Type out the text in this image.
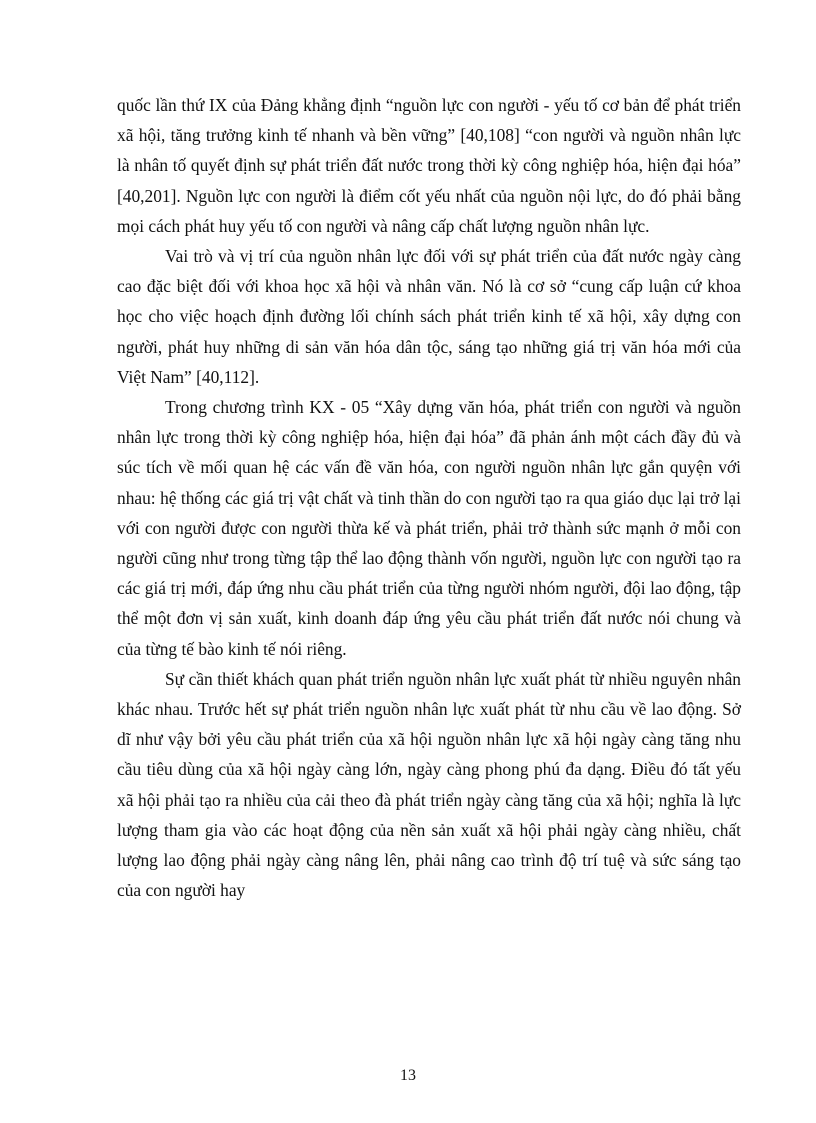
quốc lần thứ IX của Đảng khẳng định “nguồn lực con người - yếu tố cơ bản để phát triển xã hội, tăng trưởng kinh tế nhanh và bền vững” [40,108] “con người và nguồn nhân lực là nhân tố quyết định sự phát triển đất nước trong thời kỳ công nghiệp hóa, hiện đại hóa” [40,201]. Nguồn lực con người là điểm cốt yếu nhất của nguồn nội lực, do đó phải bằng mọi cách phát huy yếu tố con người và nâng cấp chất lượng nguồn nhân lực.

Vai trò và vị trí của nguồn nhân lực đối với sự phát triển của đất nước ngày càng cao đặc biệt đối với khoa học xã hội và nhân văn. Nó là cơ sở “cung cấp luận cứ khoa học cho việc hoạch định đường lối chính sách phát triển kinh tế xã hội, xây dựng con người, phát huy những di sản văn hóa dân tộc, sáng tạo những giá trị văn hóa mới của Việt Nam” [40,112].

Trong chương trình KX - 05 “Xây dựng văn hóa, phát triển con người và nguồn nhân lực trong thời kỳ công nghiệp hóa, hiện đại hóa” đã phản ánh một cách đầy đủ và súc tích về mối quan hệ các vấn đề văn hóa, con người nguồn nhân lực gắn quyện với nhau: hệ thống các giá trị vật chất và tinh thần do con người tạo ra qua giáo dục lại trở lại với con người được con người thừa kế và phát triển, phải trở thành sức mạnh ở mỗi con người cũng như trong từng tập thể lao động thành vốn người, nguồn lực con người tạo ra các giá trị mới, đáp ứng nhu cầu phát triển của từng người nhóm người, đội lao động, tập thể một đơn vị sản xuất, kinh doanh đáp ứng yêu cầu phát triển đất nước nói chung và của từng tế bào kinh tế nói riêng.

Sự cần thiết khách quan phát triển nguồn nhân lực xuất phát từ nhiều nguyên nhân khác nhau. Trước hết sự phát triển nguồn nhân lực xuất phát từ nhu cầu về lao động. Sở dĩ như vậy bởi yêu cầu phát triển của xã hội nguồn nhân lực xã hội ngày càng tăng nhu cầu tiêu dùng của xã hội ngày càng lớn, ngày càng phong phú đa dạng. Điều đó tất yếu xã hội phải tạo ra nhiều của cải theo đà phát triển ngày càng tăng của xã hội; nghĩa là lực lượng tham gia vào các hoạt động của nền sản xuất xã hội phải ngày càng nhiều, chất lượng lao động phải ngày càng nâng lên, phải nâng cao trình độ trí tuệ và sức sáng tạo của con người hay

13
